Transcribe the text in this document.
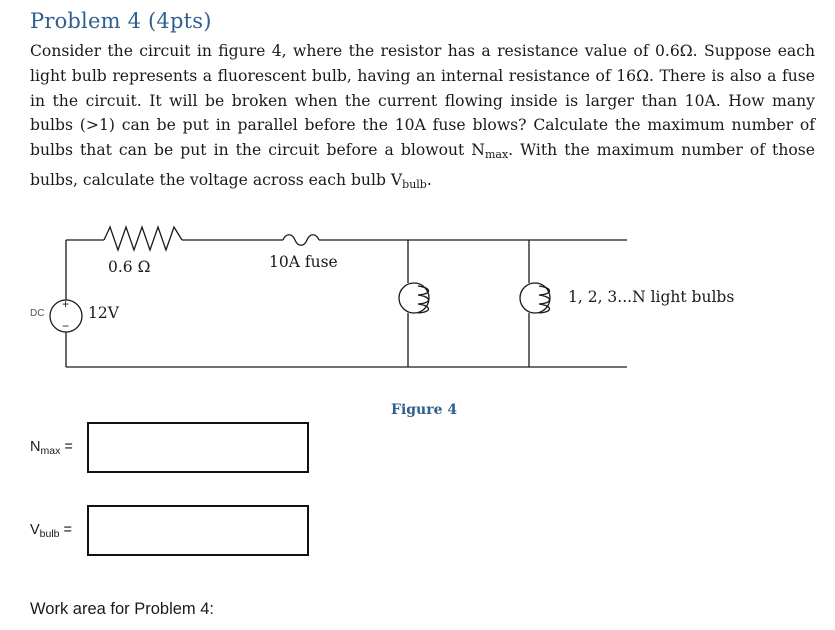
Problem 4 (4pts)
Consider the circuit in figure 4, where the resistor has a resistance value of 0.6Ω. Suppose each light bulb represents a fluorescent bulb, having an internal resistance of 16Ω. There is also a fuse in the circuit. It will be broken when the current flowing inside is larger than 10A. How many bulbs (>1) can be put in parallel before the 10A fuse blows? Calculate the maximum number of bulbs that can be put in the circuit before a blowout $N_{max}$. With the maximum number of those bulbs, calculate the voltage across each bulb $V_{bulb}$.
+
−
DC
0.6 Ω	10A fuse
12V
1, 2, 3...N light bulbs
Figure 4
$N_{max}$ =
$V_{bulb}$ =
Work area for Problem 4:
